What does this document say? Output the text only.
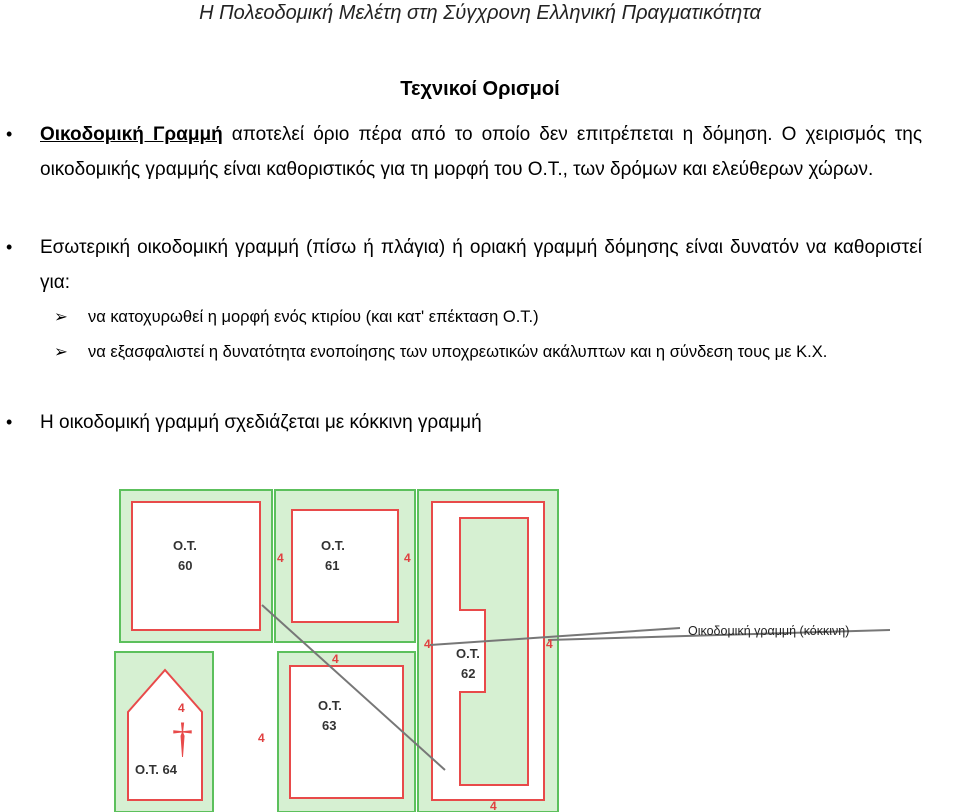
Η Πολεοδομική Μελέτη στη Σύγχρονη Ελληνική Πραγματικότητα
Τεχνικοί Ορισμοί
• Οικοδομική Γραμμή αποτελεί όριο πέρα από το οποίο δεν επιτρέπεται η δόμηση. Ο χειρισμός της οικοδομικής γραμμής είναι καθοριστικός για τη μορφή του Ο.Τ., των δρόμων και ελεύθερων χώρων.
• Εσωτερική οικοδομική γραμμή (πίσω ή πλάγια) ή οριακή γραμμή δόμησης είναι δυνατόν να καθοριστεί για:
➢ να κατοχυρωθεί η μορφή ενός κτιρίου (και κατ' επέκταση Ο.Τ.)
➢ να εξασφαλιστεί η δυνατότητα ενοποίησης των υποχρεωτικών ακάλυπτων και η σύνδεση τους με Κ.Χ.
• Η οικοδομική γραμμή σχεδιάζεται με κόκκινη γραμμή
4	4
4	4
4
4
4
4
Ο.Τ.
60
Ο.Τ.
61
Ο.Τ.
62
Ο.Τ.
63
Ο.Τ. 64
†
Οικοδομική γραμμή (κόκκινη)
